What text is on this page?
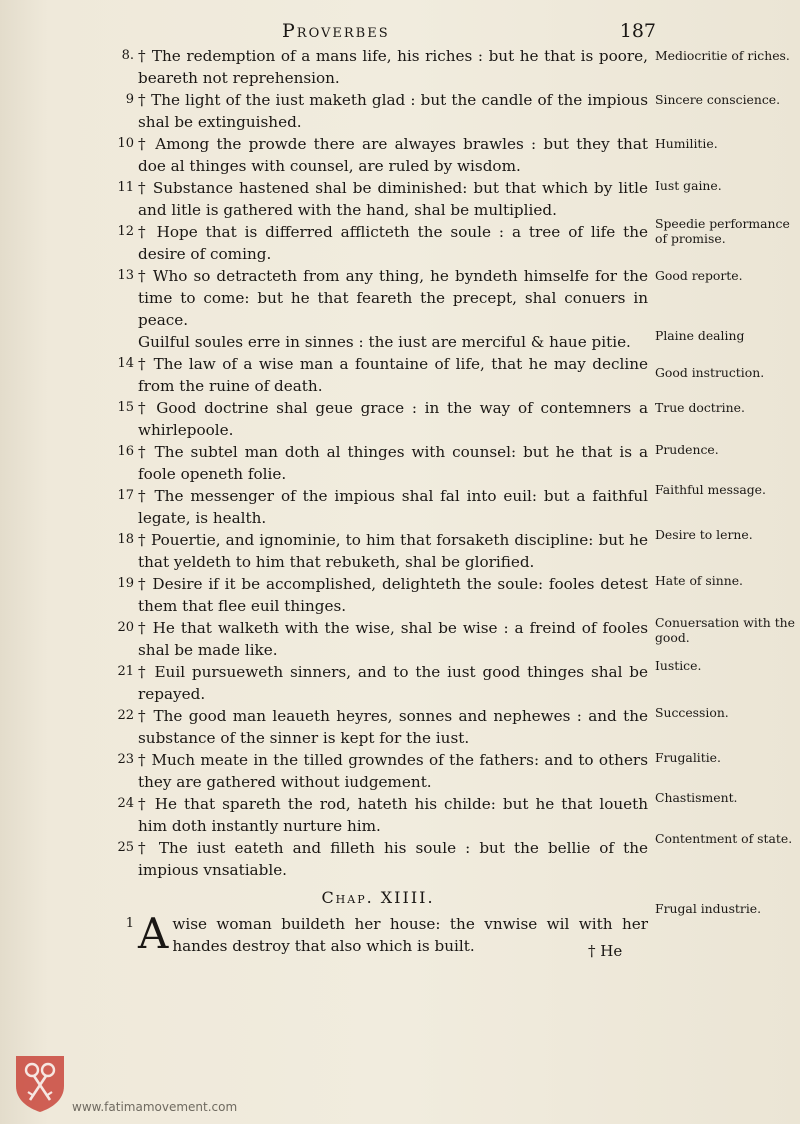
Proverbes	187
8. † The redemption of a mans life, his riches : but he that is poore, beareth not reprehension.
9 † The light of the iust maketh glad : but the candle of the impious shal be extinguished.
10 † Among the prowde there are alwayes brawles : but they that doe al thinges with counsel, are ruled by wisdom.
11 † Substance hastened shal be diminished: but that which by litle and litle is gathered with the hand, shal be multiplied.
12 † Hope that is differred afflicteth the soule : a tree of life the desire of coming.
13 † Who so detracteth from any thing, he byndeth himselfe for the time to come: but he that feareth the precept, shal conuers in peace.
Guilful soules erre in sinnes : the iust are merciful & haue pitie.
14 † The law of a wise man a fountaine of life, that he may decline from the ruine of death.
15 † Good doctrine shal geue grace : in the way of contemners a whirlepoole.
16 † The subtel man doth al thinges with counsel: but he that is a foole openeth folie.
17 † The messenger of the impious shal fal into euil: but a faithful legate, is health.
18 † Pouertie, and ignominie, to him that forsaketh discipline: but he that yeldeth to him that rebuketh, shal be glorified.
19 † Desire if it be accomplished, delighteth the soule: fooles detest them that flee euil thinges.
20 † He that walketh with the wise, shal be wise : a freind of fooles shal be made like.
21 † Euil pursueweth sinners, and to the iust good thinges shal be repayed.
22 † The good man leaueth heyres, sonnes and nephewes : and the substance of the sinner is kept for the iust.
23 † Much meate in the tilled growndes of the fathers: and to others they are gathered without iudgement.
24 † He that spareth the rod, hateth his childe: but he that loueth him doth instantly nurture him.
25 † The iust eateth and filleth his soule : but the bellie of the impious vnsatiable.
Chap. XIIII.
1 Awise woman buildeth her house: the vnwise wil with her handes destroy that also which is built.
Mediocritie of riches.
Sincere conscience.
Humilitie.
Iust gaine.
Speedie performance of promise.
Good reporte.
Plaine dealing
Good instruction.
True doctrine.
Prudence.
Faithful message.
Desire to lerne.
Hate of sinne.
Conuersation with the good.
Iustice.
Succession.
Frugalitie.
Chastisment.
Contentment of state.
Frugal industrie.
† He
www.fatimamovement.com
